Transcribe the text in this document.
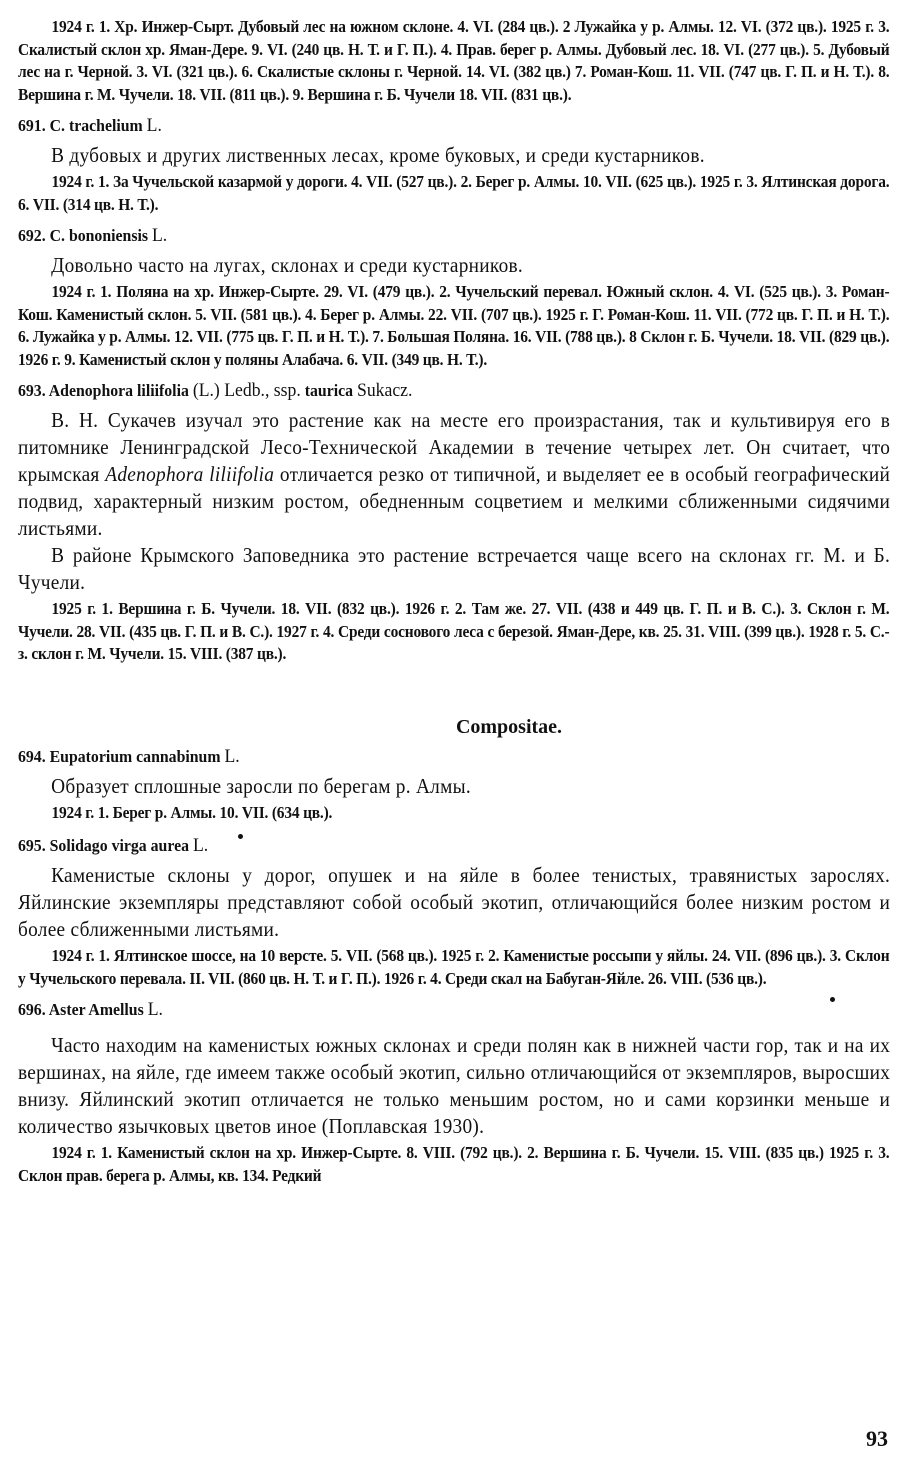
1924 г. 1. Хр. Инжер-Сырт. Дубовый лес на южном склоне. 4. VI. (284 цв.). 2 Лужайка у р. Алмы. 12. VI. (372 цв.). 1925 г. 3. Скалистый склон хр. Яман-Дере. 9. VI. (240 цв. Н. Т. и Г. П.). 4. Прав. берег р. Алмы. Дубовый лес. 18. VI. (277 цв.). 5. Дубовый лес на г. Черной. 3. VI. (321 цв.). 6. Скалистые склоны г. Черной. 14. VI. (382 цв.) 7. Роман-Кош. 11. VII. (747 цв. Г. П. и Н. Т.). 8. Вершина г. М. Чучели. 18. VII. (811 цв.). 9. Вершина г. Б. Чучели 18. VII. (831 цв.).

691. C. trachelium L.

В дубовых и других лиственных лесах, кроме буковых, и среди кустарников.

1924 г. 1. За Чучельской казармой у дороги. 4. VII. (527 цв.). 2. Берег р. Алмы. 10. VII. (625 цв.). 1925 г. 3. Ялтинская дорога. 6. VII. (314 цв. Н. Т.).

692. C. bononiensis L.

Довольно часто на лугах, склонах и среди кустарников.

1924 г. 1. Поляна на хр. Инжер-Сырте. 29. VI. (479 цв.). 2. Чучельский перевал. Южный склон. 4. VI. (525 цв.). 3. Роман-Кош. Каменистый склон. 5. VII. (581 цв.). 4. Берег р. Алмы. 22. VII. (707 цв.). 1925 г. Г. Роман-Кош. 11. VII. (772 цв. Г. П. и Н. Т.). 6. Лужайка у р. Алмы. 12. VII. (775 цв. Г. П. и Н. Т.). 7. Большая Поляна. 16. VII. (788 цв.). 8 Склон г. Б. Чучели. 18. VII. (829 цв.). 1926 г. 9. Каменистый склон у поляны Алабача. 6. VII. (349 цв. Н. Т.).

693. Adenophora liliifolia (L.) Ledb., ssp. taurica Sukacz.

В. Н. Сукачев изучал это растение как на месте его произрастания, так и культивируя его в питомнике Ленинградской Лесо-Технической Академии в течение четырех лет. Он считает, что крымская Adenophora liliifolia отличается резко от типичной, и выделяет ее в особый географический подвид, характерный низким ростом, обедненным соцветием и мелкими сближенными сидячими листьями.

В районе Крымского Заповедника это растение встречается чаще всего на склонах гг. М. и Б. Чучели.

1925 г. 1. Вершина г. Б. Чучели. 18. VII. (832 цв.). 1926 г. 2. Там же. 27. VII. (438 и 449 цв. Г. П. и В. С.). 3. Склон г. М. Чучели. 28. VII. (435 цв. Г. П. и В. С.). 1927 г. 4. Среди соснового леса с березой. Яман-Дере, кв. 25. 31. VIII. (399 цв.). 1928 г. 5. С.-з. склон г. М. Чучели. 15. VIII. (387 цв.).

Compositae.

694. Eupatorium cannabinum L.

Образует сплошные заросли по берегам р. Алмы.

1924 г. 1. Берег р. Алмы. 10. VII. (634 цв.).

695. Solidago virga aurea L.

Каменистые склоны у дорог, опушек и на яйле в более тенистых, травянистых зарослях. Яйлинские экземпляры представляют собой особый экотип, отличающийся более низким ростом и более сближенными листьями.

1924 г. 1. Ялтинское шоссе, на 10 версте. 5. VII. (568 цв.). 1925 г. 2. Каменистые россыпи у яйлы. 24. VII. (896 цв.). 3. Склон у Чучельского перевала. II. VII. (860 цв. Н. Т. и Г. П.). 1926 г. 4. Среди скал на Бабуган-Яйле. 26. VIII. (536 цв.).

696. Aster Amellus L.

Часто находим на каменистых южных склонах и среди полян как в нижней части гор, так и на их вершинах, на яйле, где имеем также особый экотип, сильно отличающийся от экземпляров, выросших внизу. Яйлинский экотип отличается не только меньшим ростом, но и сами корзинки меньше и количество язычковых цветов иное (Поплавская 1930).

1924 г. 1. Каменистый склон на хр. Инжер-Сырте. 8. VIII. (792 цв.). 2. Вершина г. Б. Чучели. 15. VIII. (835 цв.) 1925 г. 3. Склон прав. берега р. Алмы, кв. 134. Редкий

93
